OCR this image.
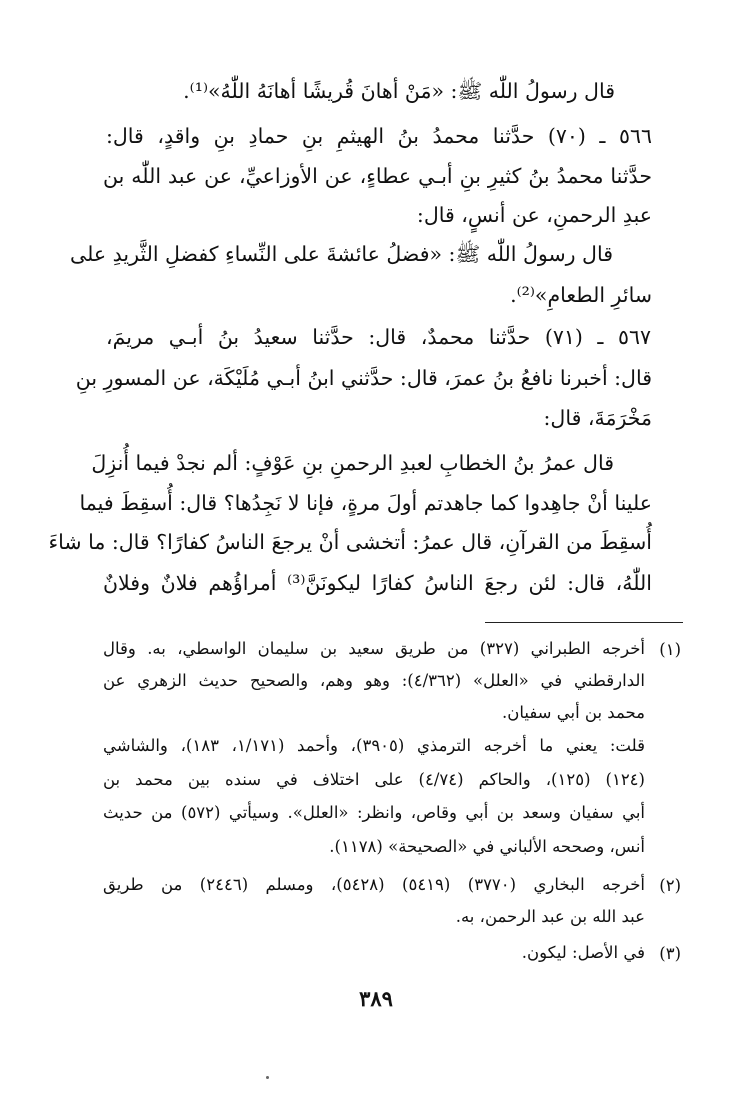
قال رسولُ اللّٰه ﷺ: «مَنْ أهانَ قُريشًا أهانَهُ اللّٰهُ»⁽¹⁾.
٥٦٦ ـ (٧٠) حدَّثنا محمدُ بنُ الهيثمِ بنِ حمادِ بنِ واقدٍ، قال:
حدَّثنا محمدُ بنُ كثيرِ بنِ أبـي عطاءٍ، عن الأوزاعيِّ، عن عبد اللّٰه بن
عبدِ الرحمنِ، عن أنسٍ، قال:
قال رسولُ اللّٰه ﷺ: «فضلُ عائشةَ على النِّساءِ كفضلِ الثَّريدِ على
سائرِ الطعامِ»⁽²⁾.
٥٦٧ ـ (٧١) حدَّثنا محمدٌ، قال: حدَّثنا سعيدُ بنُ أبـي مريمَ،
قال: أخبرنا نافعُ بنُ عمرَ، قال: حدَّثني ابنُ أبـي مُلَيْكَة، عن المسورِ بنِ
مَخْرَمَةَ، قال:
قال عمرُ بنُ الخطابِ لعبدِ الرحمنِ بنِ عَوْفٍ: ألم نجدْ فيما أُنزِلَ
علينا أنْ جاهِدوا كما جاهدتم أولَ مرةٍ، فإنا لا نَجِدُها؟ قال: أُسقِطَ فيما
أُسقِطَ من القرآنِ، قال عمرُ: أتخشى أنْ يرجعَ الناسُ كفارًا؟ قال: ما شاءَ
اللّٰهُ، قال: لئن رجعَ الناسُ كفارًا ليكونَنَّ⁽³⁾ أمراؤُهم فلانٌ وفلانٌ
(١)
أخرجه الطبراني (٣٢٧) من طريق سعيد بن سليمان الواسطي، به. وقال
الدارقطني في «العلل» (٤/٣٦٢): وهو وهم، والصحيح حديث الزهري عن
محمد بن أبي سفيان.
قلت: يعني ما أخرجه الترمذي (٣٩٠٥)، وأحمد (١/١٧١، ١٨٣)، والشاشي
(١٢٤) (١٢٥)، والحاكم (٤/٧٤) على اختلاف في سنده بين محمد بن
أبي سفيان وسعد بن أبي وقاص، وانظر: «العلل». وسيأتي (٥٧٢) من حديث
أنس، وصححه الألباني في «الصحيحة» (١١٧٨).
(٢)
أخرجه البخاري (٣٧٧٠) (٥٤١٩) (٥٤٢٨)، ومسلم (٢٤٤٦) من طريق
عبد الله بن عبد الرحمن، به.
(٣)
في الأصل: ليكون.
٣٨٩
